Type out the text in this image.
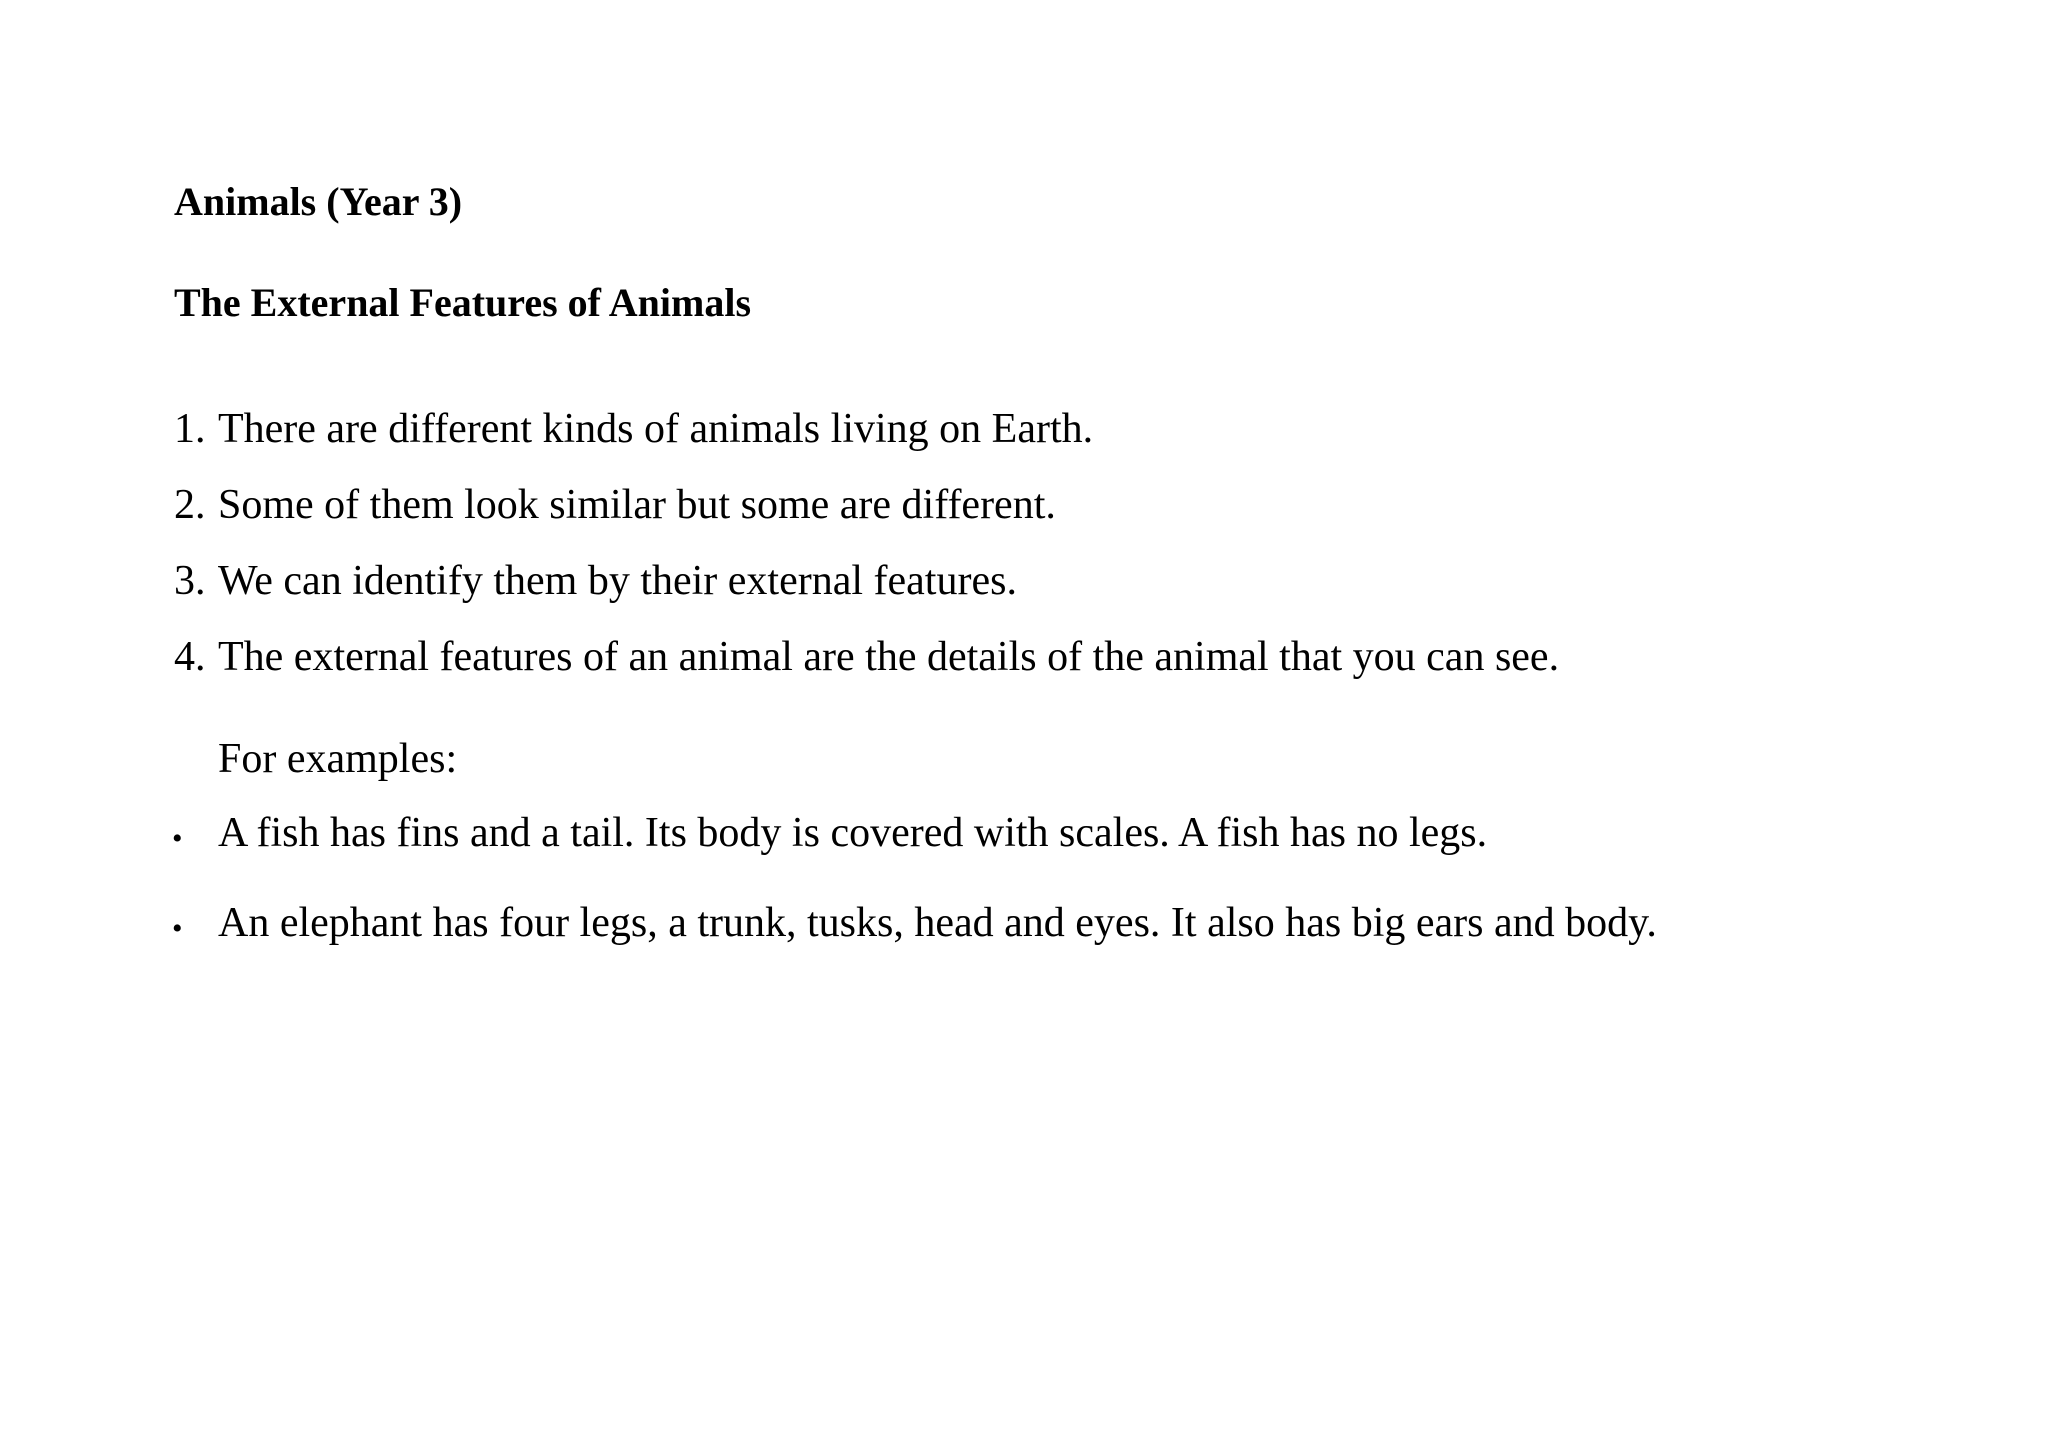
Animals (Year 3)
The External Features of Animals
1. There are different kinds of animals living on Earth.
2. Some of them look similar but some are different.
3. We can identify them by their external features.
4. The external features of an animal are the details of the animal that you can see.
For examples:
• A fish has fins and a tail. Its body is covered with scales. A fish has no legs.
• An elephant has four legs, a trunk, tusks, head and eyes. It also has big ears and body.
